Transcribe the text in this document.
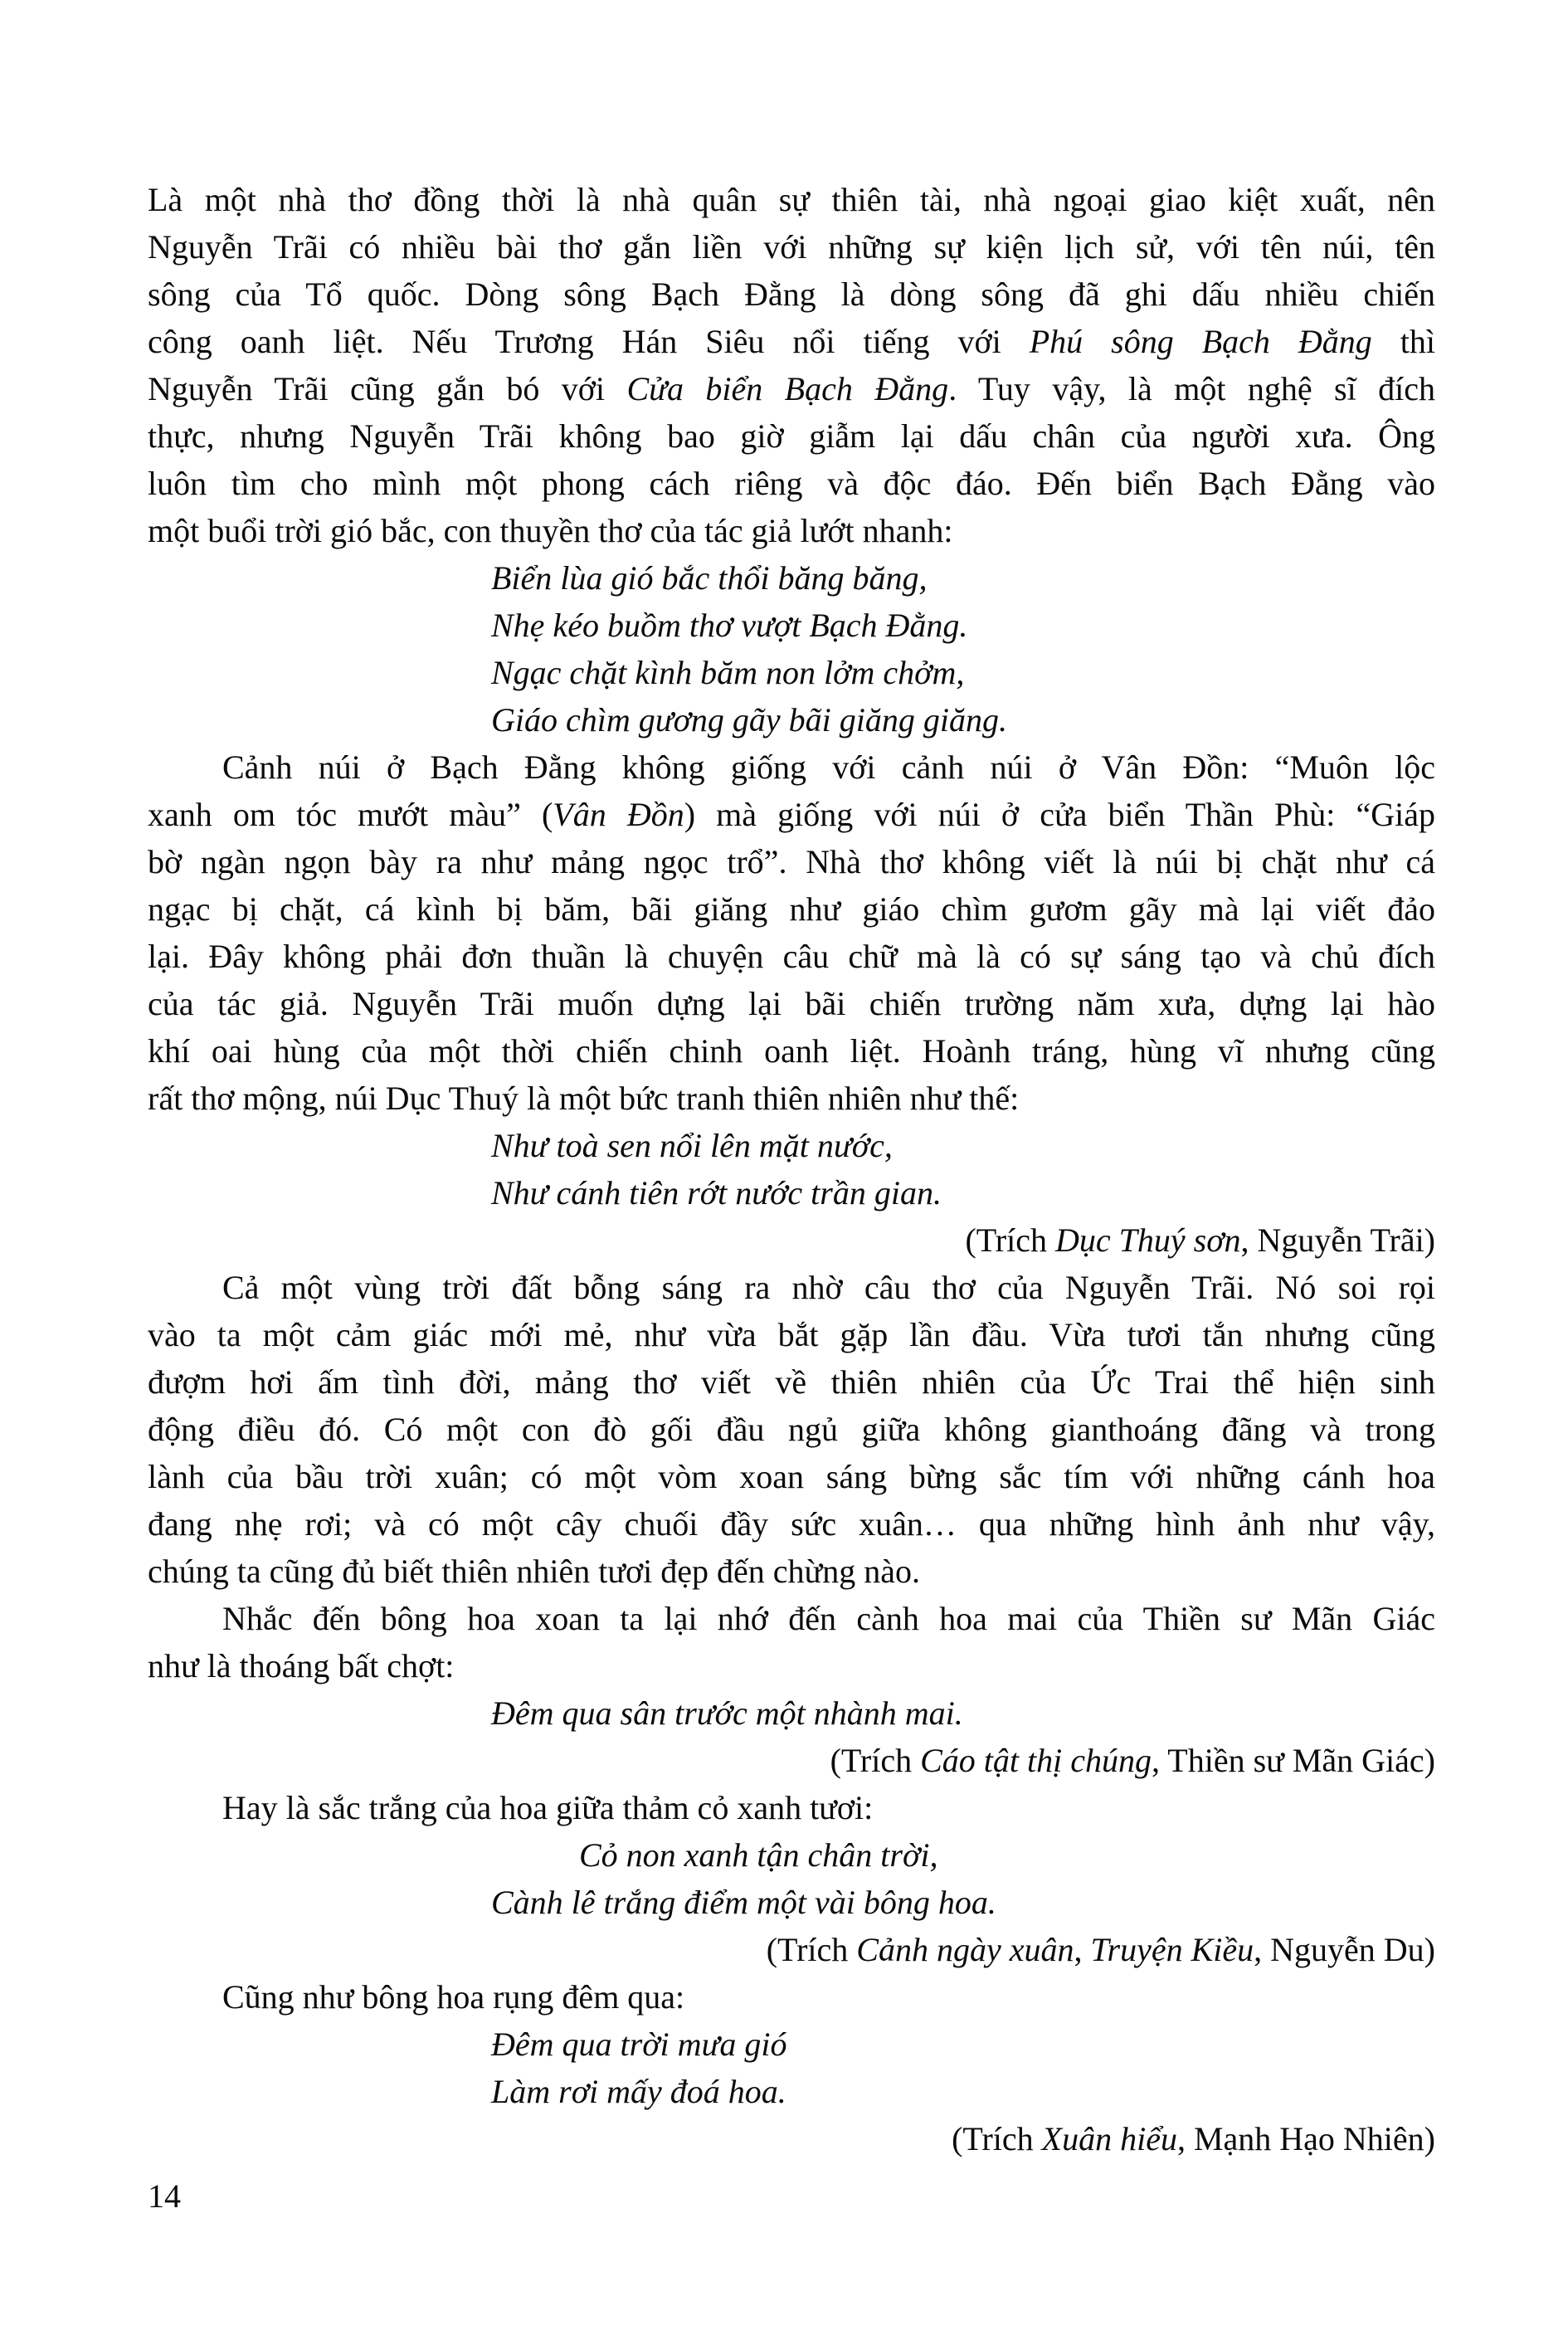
Là một nhà thơ đồng thời là nhà quân sự thiên tài, nhà ngoại giao kiệt xuất, nên
Nguyễn Trãi có nhiều bài thơ gắn liền với những sự kiện lịch sử, với tên núi, tên
sông của Tổ quốc. Dòng sông Bạch Đằng là dòng sông đã ghi dấu nhiều chiến
công oanh liệt. Nếu Trương Hán Siêu nổi tiếng với Phú sông Bạch Đằng thì
Nguyễn Trãi cũng gắn bó với Cửa biển Bạch Đằng. Tuy vậy, là một nghệ sĩ đích
thực, nhưng Nguyễn Trãi không bao giờ giẫm lại dấu chân của người xưa. Ông
luôn tìm cho mình một phong cách riêng và độc đáo. Đến biển Bạch Đằng vào
một buổi trời gió bắc, con thuyền thơ của tác giả lướt nhanh:
Biển lùa gió bắc thổi băng băng,
Nhẹ kéo buồm thơ vượt Bạch Đằng.
Ngạc chặt kình băm non lởm chởm,
Giáo chìm gương gãy bãi giăng giăng.
Cảnh núi ở Bạch Đằng không giống với cảnh núi ở Vân Đồn: “Muôn lộc
xanh om tóc mướt màu” (Vân Đồn) mà giống với núi ở cửa biển Thần Phù: “Giáp
bờ ngàn ngọn bày ra như mảng ngọc trổ”. Nhà thơ không viết là núi bị chặt như cá
ngạc bị chặt, cá kình bị băm, bãi giăng như giáo chìm gươm gãy mà lại viết đảo
lại. Đây không phải đơn thuần là chuyện câu chữ mà là có sự sáng tạo và chủ đích
của tác giả. Nguyễn Trãi muốn dựng lại bãi chiến trường năm xưa, dựng lại hào
khí oai hùng của một thời chiến chinh oanh liệt. Hoành tráng, hùng vĩ nhưng cũng
rất thơ mộng, núi Dục Thuý là một bức tranh thiên nhiên như thế:
Như toà sen nổi lên mặt nước,
Như cánh tiên rớt nước trần gian.
(Trích Dục Thuý sơn, Nguyễn Trãi)
Cả một vùng trời đất bỗng sáng ra nhờ câu thơ của Nguyễn Trãi. Nó soi rọi
vào ta một cảm giác mới mẻ, như vừa bắt gặp lần đầu. Vừa tươi tắn nhưng cũng
đượm hơi ấm tình đời, mảng thơ viết về thiên nhiên của Ức Trai thể hiện sinh
động điều đó. Có một con đò gối đầu ngủ giữa không gianthoáng đãng và trong
lành của bầu trời xuân; có một vòm xoan sáng bừng sắc tím với những cánh hoa
đang nhẹ rơi; và có một cây chuối đầy sức xuân… qua những hình ảnh như vậy,
chúng ta cũng đủ biết thiên nhiên tươi đẹp đến chừng nào.
Nhắc đến bông hoa xoan ta lại nhớ đến cành hoa mai của Thiền sư Mãn Giác
như là thoáng bất chợt:
Đêm qua sân trước một nhành mai.
(Trích Cáo tật thị chúng, Thiền sư Mãn Giác)
Hay là sắc trắng của hoa giữa thảm cỏ xanh tươi:
Cỏ non xanh tận chân trời,
Cành lê trắng điểm một vài bông hoa.
(Trích Cảnh ngày xuân, Truyện Kiều, Nguyễn Du)
Cũng như bông hoa rụng đêm qua:
Đêm qua trời mưa gió
Làm rơi mấy đoá hoa.
(Trích Xuân hiểu, Mạnh Hạo Nhiên)
14
